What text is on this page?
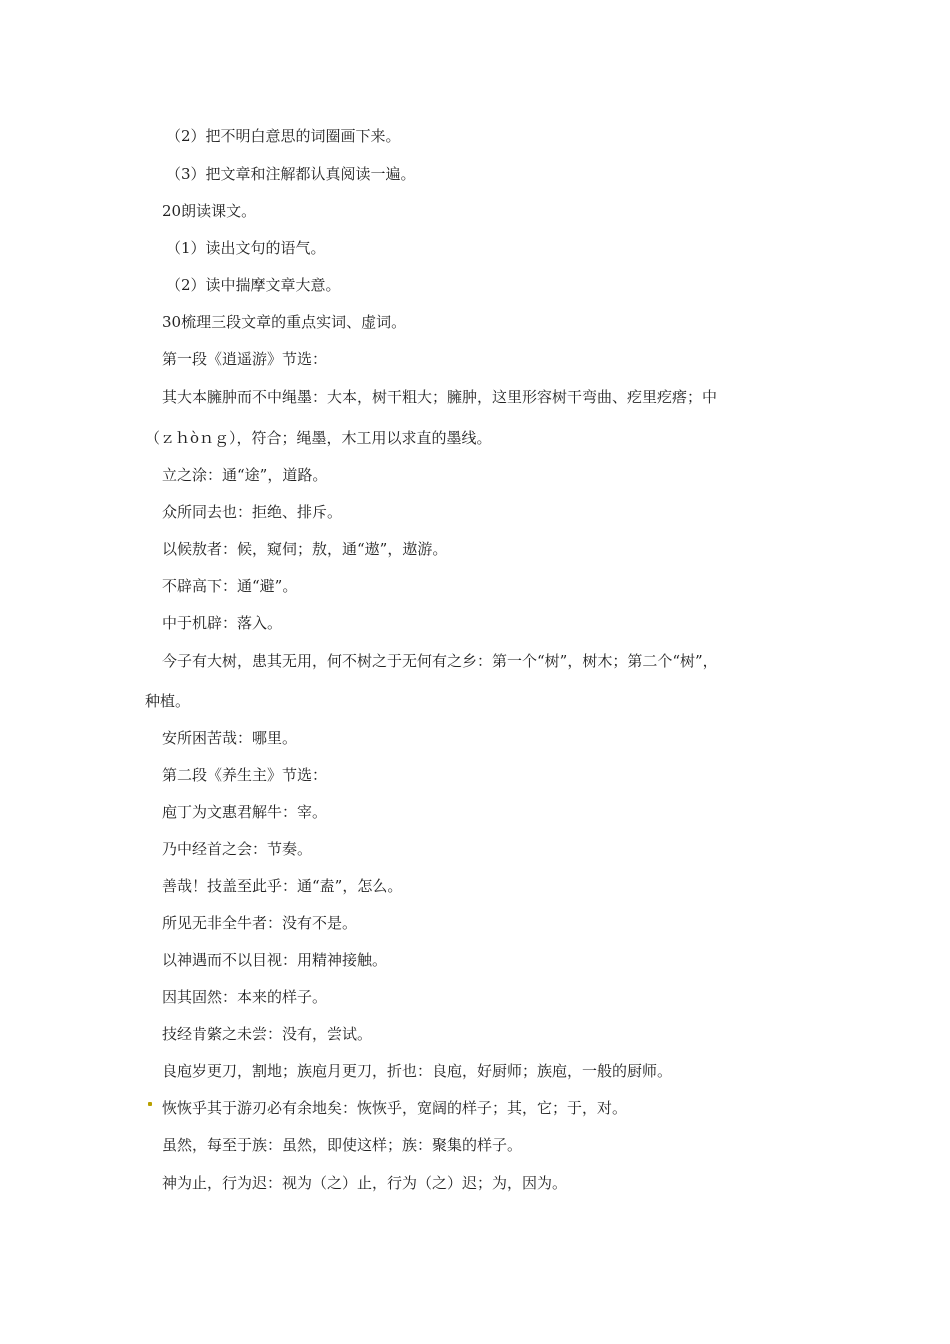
（2）把不明白意思的词圈画下来。
（3）把文章和注解都认真阅读一遍。
20朗读课文。
（1）读出文句的语气。
（2）读中揣摩文章大意。
30梳理三段文章的重点实词、虚词。
第一段《逍遥游》节选：
其大本臃肿而不中绳墨：大本，树干粗大；臃肿，这里形容树干弯曲、疙里疙瘩；中
（ｚｈòｎｇ），符合；绳墨，木工用以求直的墨线。
立之涂：通“途”，道路。
众所同去也：拒绝、排斥。
以候敖者：候，窥伺；敖，通“遨”，遨游。
不辟高下：通“避”。
中于机辟：落入。
今子有大树，患其无用，何不树之于无何有之乡：第一个“树”，树木；第二个“树”，
种植。
安所困苦哉：哪里。
第二段《养生主》节选：
庖丁为文惠君解牛：宰。
乃中经首之会：节奏。
善哉！技盖至此乎：通“盍”，怎么。
所见无非全牛者：没有不是。
以神遇而不以目视：用精神接触。
因其固然：本来的样子。
技经肯綮之未尝：没有，尝试。
良庖岁更刀，割地；族庖月更刀，折也：良庖，好厨师；族庖，一般的厨师。
恢恢乎其于游刃必有余地矣：恢恢乎，宽阔的样子；其，它；于，对。
虽然，每至于族：虽然，即使这样；族：聚集的样子。
神为止，行为迟：视为（之）止，行为（之）迟；为，因为。
